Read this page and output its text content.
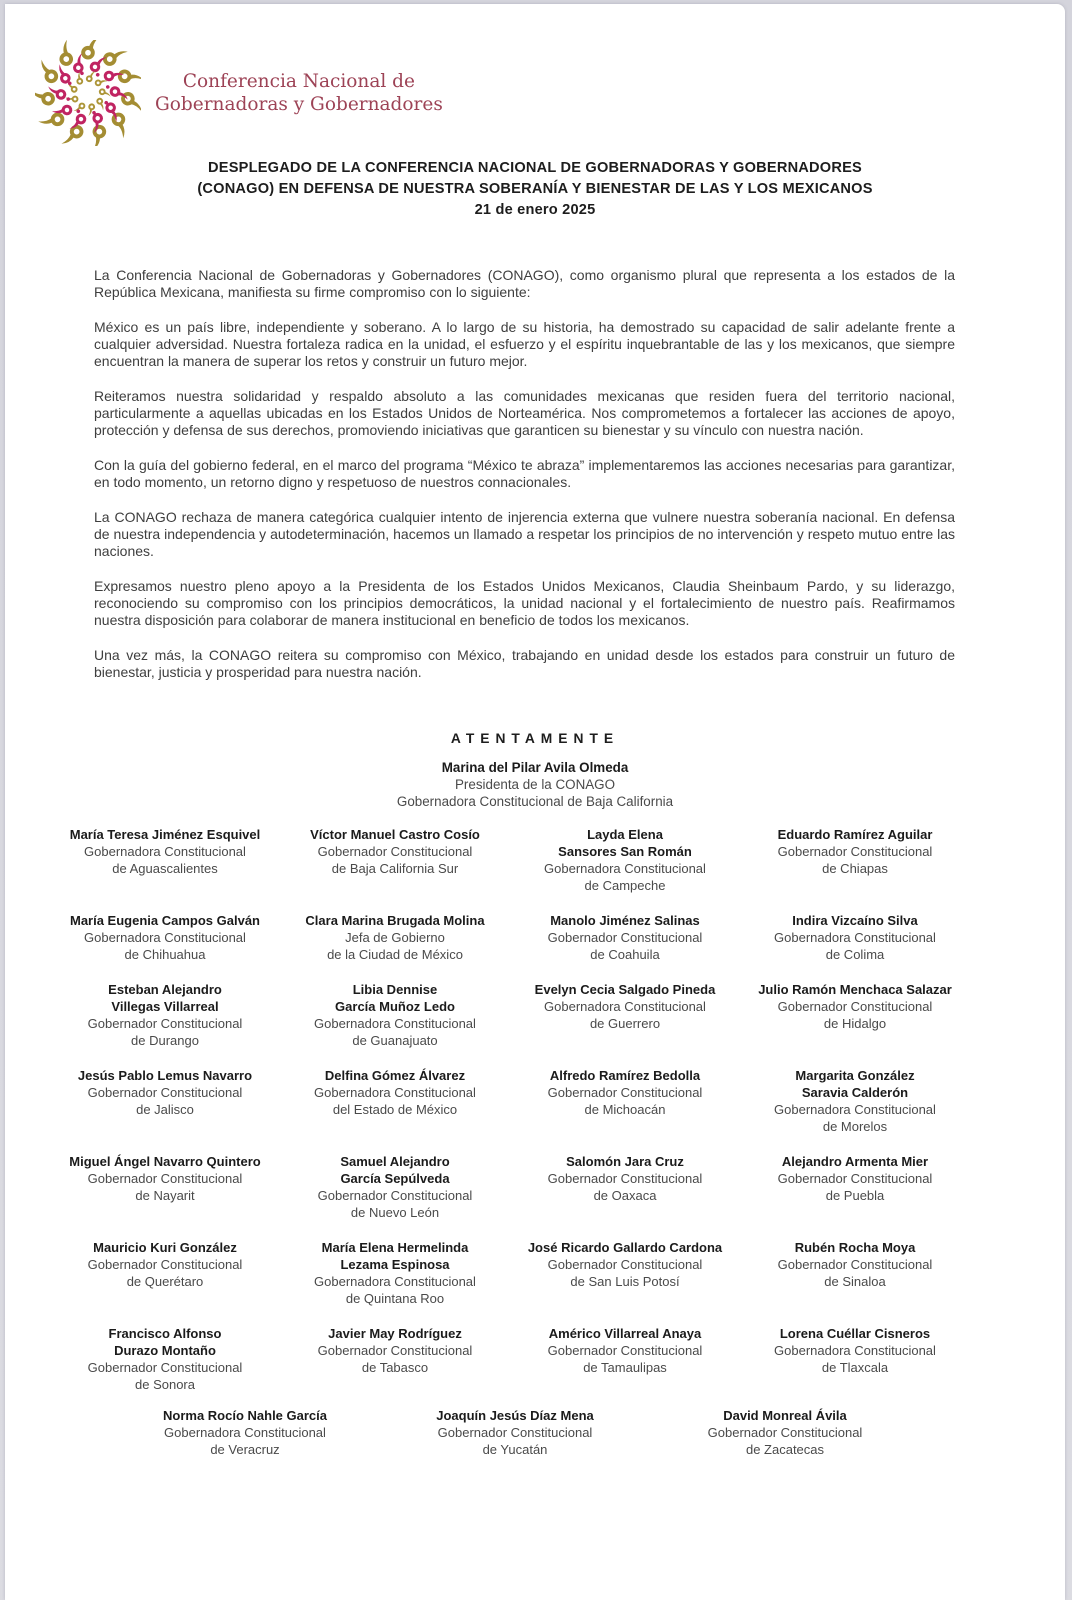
Conferencia Nacional de
Gobernadoras y Gobernadores
DESPLEGADO DE LA CONFERENCIA NACIONAL DE GOBERNADORAS Y GOBERNADORES
(CONAGO) EN DEFENSA DE NUESTRA SOBERANÍA Y BIENESTAR DE LAS Y LOS MEXICANOS
21 de enero 2025

La Conferencia Nacional de Gobernadoras y Gobernadores (CONAGO), como organismo plural que representa a los estados de la República Mexicana, manifiesta su firme compromiso con lo siguiente:

México es un país libre, independiente y soberano. A lo largo de su historia, ha demostrado su capacidad de salir adelante frente a cualquier adversidad. Nuestra fortaleza radica en la unidad, el esfuerzo y el espíritu inquebrantable de las y los mexicanos, que siempre encuentran la manera de superar los retos y construir un futuro mejor.

Reiteramos nuestra solidaridad y respaldo absoluto a las comunidades mexicanas que residen fuera del territorio nacional, particularmente a aquellas ubicadas en los Estados Unidos de Norteamérica. Nos comprometemos a fortalecer las acciones de apoyo, protección y defensa de sus derechos, promoviendo iniciativas que garanticen su bienestar y su vínculo con nuestra nación.

Con la guía del gobierno federal, en el marco del programa “México te abraza” implementaremos las acciones necesarias para garantizar, en todo momento, un retorno digno y respetuoso de nuestros connacionales.

La CONAGO rechaza de manera categórica cualquier intento de injerencia externa que vulnere nuestra soberanía nacional. En defensa de nuestra independencia y autodeterminación, hacemos un llamado a respetar los principios de no intervención y respeto mutuo entre las naciones.

Expresamos nuestro pleno apoyo a la Presidenta de los Estados Unidos Mexicanos, Claudia Sheinbaum Pardo, y su liderazgo, reconociendo su compromiso con los principios democráticos, la unidad nacional y el fortalecimiento de nuestro país. Reafirmamos nuestra disposición para colaborar de manera institucional en beneficio de todos los mexicanos.

Una vez más, la CONAGO reitera su compromiso con México, trabajando en unidad desde los estados para construir un futuro de bienestar, justicia y prosperidad para nuestra nación.

ATENTAMENTE
Marina del Pilar Avila Olmeda
Presidenta de la CONAGO
Gobernadora Constitucional de Baja California
María Teresa Jiménez Esquivel
Gobernadora Constitucional
de Aguascalientes
Víctor Manuel Castro Cosío
Gobernador Constitucional
de Baja California Sur
Layda Elena
Sansores San Román
Gobernadora Constitucional
de Campeche
Eduardo Ramírez Aguilar
Gobernador Constitucional
de Chiapas
María Eugenia Campos Galván
Gobernadora Constitucional
de Chihuahua
Clara Marina Brugada Molina
Jefa de Gobierno
de la Ciudad de México
Manolo Jiménez Salinas
Gobernador Constitucional
de Coahuila
Indira Vizcaíno Silva
Gobernadora Constitucional
de Colima
Esteban Alejandro
Villegas Villarreal
Gobernador Constitucional
de Durango
Libia Dennise
García Muñoz Ledo
Gobernadora Constitucional
de Guanajuato
Evelyn Cecia Salgado Pineda
Gobernadora Constitucional
de Guerrero
Julio Ramón Menchaca Salazar
Gobernador Constitucional
de Hidalgo
Jesús Pablo Lemus Navarro
Gobernador Constitucional
de Jalisco
Delfina Gómez Álvarez
Gobernadora Constitucional
del Estado de México
Alfredo Ramírez Bedolla
Gobernador Constitucional
de Michoacán
Margarita González
Saravia Calderón
Gobernadora Constitucional
de Morelos
Miguel Ángel Navarro Quintero
Gobernador Constitucional
de Nayarit
Samuel Alejandro
García Sepúlveda
Gobernador Constitucional
de Nuevo León
Salomón Jara Cruz
Gobernador Constitucional
de Oaxaca
Alejandro Armenta Mier
Gobernador Constitucional
de Puebla
Mauricio Kuri González
Gobernador Constitucional
de Querétaro
María Elena Hermelinda
Lezama Espinosa
Gobernadora Constitucional
de Quintana Roo
José Ricardo Gallardo Cardona
Gobernador Constitucional
de San Luis Potosí
Rubén Rocha Moya
Gobernador Constitucional
de Sinaloa
Francisco Alfonso
Durazo Montaño
Gobernador Constitucional
de Sonora
Javier May Rodríguez
Gobernador Constitucional
de Tabasco
Américo Villarreal Anaya
Gobernador Constitucional
de Tamaulipas
Lorena Cuéllar Cisneros
Gobernadora Constitucional
de Tlaxcala
Norma Rocío Nahle García
Gobernadora Constitucional
de Veracruz
Joaquín Jesús Díaz Mena
Gobernador Constitucional
de Yucatán
David Monreal Ávila
Gobernador Constitucional
de Zacatecas
